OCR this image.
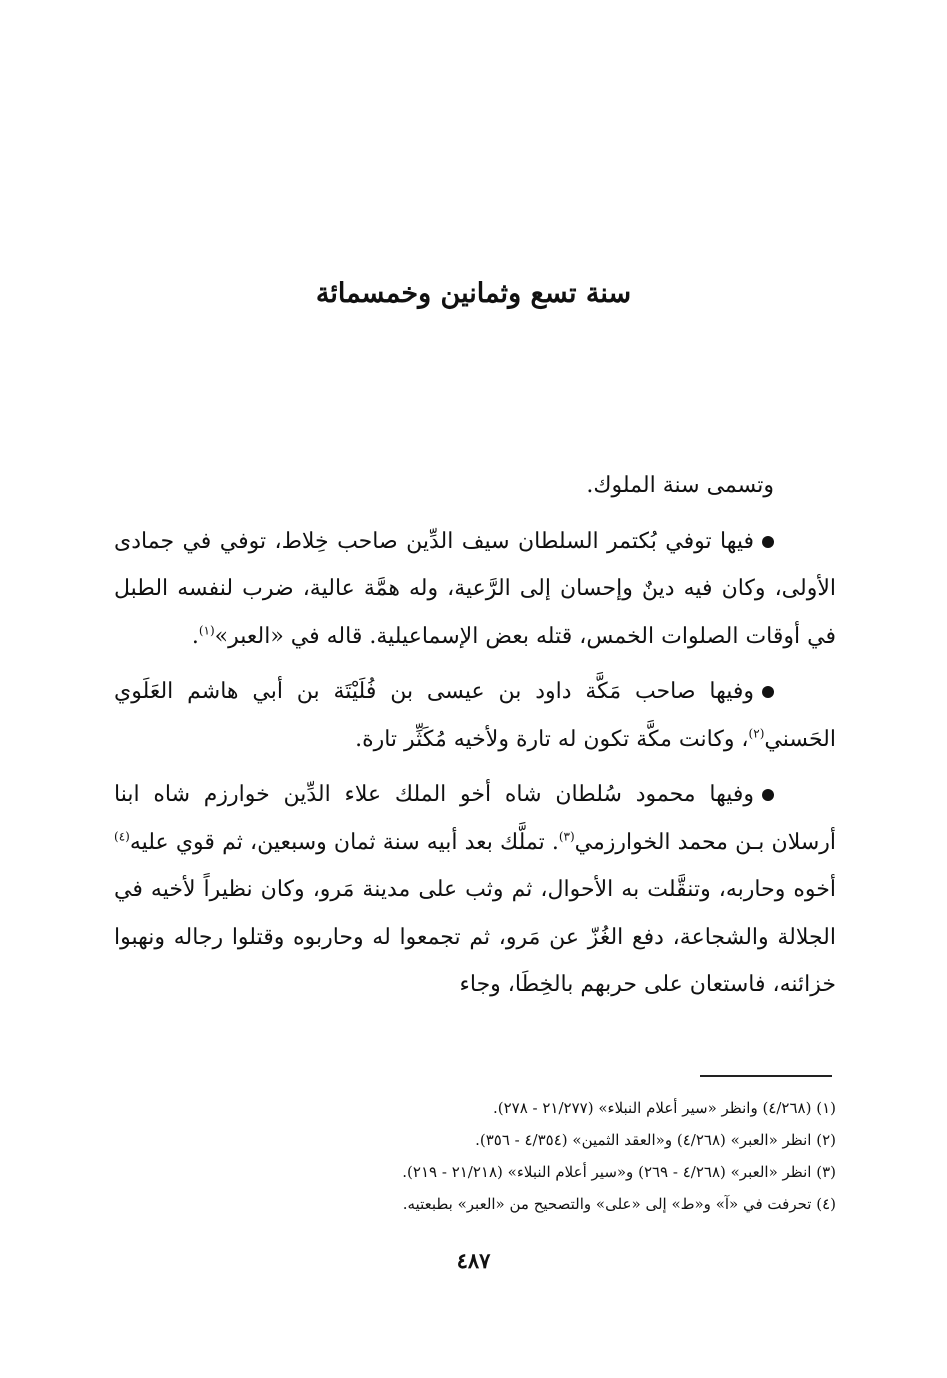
سنة تسع وثمانين وخمسمائة

وتسمى سنة الملوك.

فيها توفي بُكتمر السلطان سيف الدِّين صاحب خِلاط، توفي في جمادى الأولى، وكان فيه دينٌ وإحسان إلى الرَّعية، وله همَّة عالية، ضرب لنفسه الطبل في أوقات الصلوات الخمس، قتله بعض الإسماعيلية. قاله في «العبر»$^{(١)}$.

وفيها صاحب مَكَّة داود بن عيسى بن فُلَيْتَة بن أبي هاشم العَلَوي الحَسني$^{(٢)}$، وكانت مكَّة تكون له تارة ولأخيه مُكَثِّر تارة.

وفيها محمود سُلطان شاه أخو الملك علاء الدِّين خوارزم شاه ابنا أرسلان بـن محمد الخوارزمي$^{(٣)}$. تملَّك بعد أبيه سنة ثمان وسبعين، ثم قوي عليه$^{(٤)}$ أخوه وحاربه، وتنقَّلت به الأحوال، ثم وثب على مدينة مَرو، وكان نظيراً لأخيه في الجلالة والشجاعة، دفع الغُزّ عن مَرو، ثم تجمعوا له وحاربوه وقتلوا رجاله ونهبوا خزائنه، فاستعان على حربهم بالخِطَا، وجاء

(١) (٤/٢٦٨) وانظر «سير أعلام النبلاء» (٢١/٢٧٧ - ٢٧٨).

(٢) انظر «العبر» (٤/٢٦٨) و«العقد الثمين» (٤/٣٥٤ - ٣٥٦).

(٣) انظر «العبر» (٤/٢٦٨ - ٢٦٩) و«سير أعلام النبلاء» (٢١/٢١٨ - ٢١٩).

(٤) تحرفت في «آ» و«ط» إلى «على» والتصحيح من «العبر» بطبعتيه.

٤٨٧
